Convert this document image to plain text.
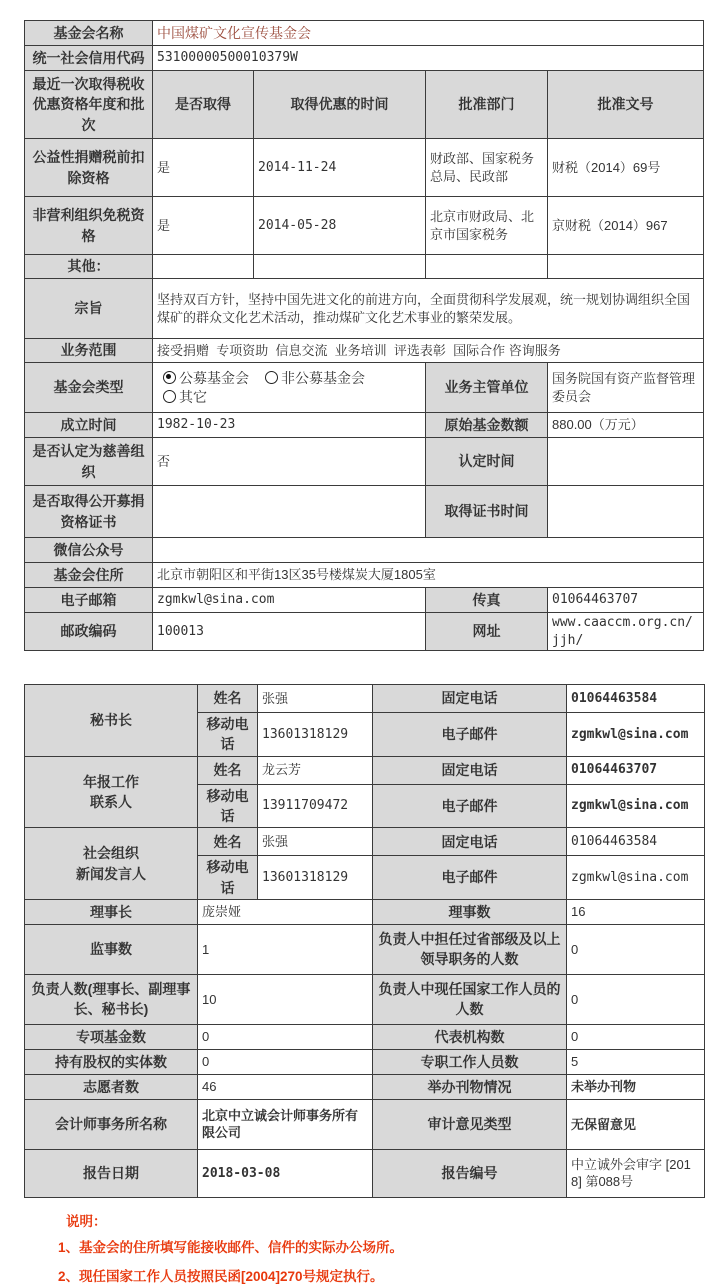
基金会名称	中国煤矿文化宣传基金会			
统一社会信用代码	53100000500010379W			
最近一次取得税收优惠资格年度和批次	是否取得	取得优惠的时间	批准部门	批准文号
公益性捐赠税前扣除资格	是	2014-11-24	财政部、国家税务总局、民政部	财税（2014）69号
非营利组织免税资格	是	2014-05-28	北京市财政局、北京市国家税务	京财税（2014）967
其他：				
宗旨	坚持双百方针，坚持中国先进文化的前进方向，全面贯彻科学发展观，统一规划协调组织全国煤矿的群众文化艺术活动，推动煤矿文化艺术事业的繁荣发展。			
业务范围	接受捐赠  专项资助  信息交流  业务培训  评选表彰  国际合作 咨询服务			
基金会类型	公募基金会 非公募基金会其它		业务主管单位	国务院国有资产监督管理委员会
成立时间	1982-10-23		原始基金数额	880.00（万元）
是否认定为慈善组织	否		认定时间	
是否取得公开募捐资格证书			取得证书时间	
微信公众号				
基金会住所	北京市朝阳区和平街13区35号楼煤炭大厦1805室			
电子邮箱	zgmkwl@sina.com		传真	01064463707
邮政编码	100013		网址	www.caaccm.org.cn/jjh/
秘书长	姓名	张强	固定电话	01064463584
	移动电话	13601318129	电子邮件	zgmkwl@sina.com

年报工作
联系人	姓名	龙云芳	固定电话	01064463707
	移动电话	13911709472	电子邮件	zgmkwl@sina.com

社会组织
新闻发言人	姓名	张强	固定电话	01064463584
	移动电话	13601318129	电子邮件	zgmkwl@sina.com
理事长	庞崇娅		理事数	16
监事数	1		负责人中担任过省部级及以上领导职务的人数	0
负责人数(理事长、副理事长、秘书长)	10		负责人中现任国家工作人员的人数	0
专项基金数	0		代表机构数	0
持有股权的实体数	0		专职工作人员数	5
志愿者数	46		举办刊物情况	未举办刊物
会计师事务所名称	北京中立诚会计师事务所有限公司		审计意见类型	无保留意见
报告日期	2018-03-08		报告编号	中立诚外会审字 [2018] 第088号
说明：
1、基金会的住所填写能接收邮件、信件的实际办公场所。
2、现任国家工作人员按照民函[2004]270号规定执行。
